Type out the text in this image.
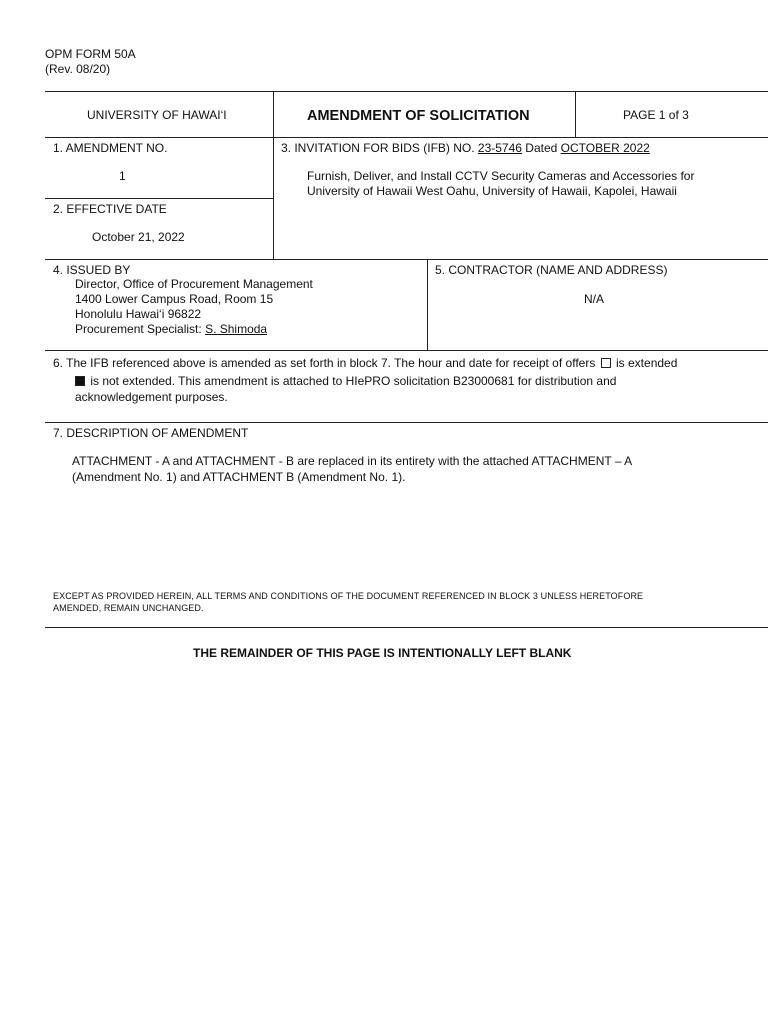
OPM FORM 50A
(Rev. 08/20)
UNIVERSITY OF HAWAI‘I	AMENDMENT OF SOLICITATION	PAGE 1 of 3
1. AMENDMENT NO.
1
2. EFFECTIVE DATE
October 21, 2022
3. INVITATION FOR BIDS (IFB) NO. 23-5746 Dated OCTOBER 2022
Furnish, Deliver, and Install CCTV Security Cameras and Accessories for
University of Hawaii West Oahu, University of Hawaii, Kapolei, Hawaii
4. ISSUED BY
Director, Office of Procurement Management
1400 Lower Campus Road, Room 15
Honolulu Hawai‘i 96822
Procurement Specialist: S. Shimoda
5. CONTRACTOR (NAME AND ADDRESS)
N/A
6. The IFB referenced above is amended as set forth in block 7. The hour and date for receipt of offers  is extended
is not extended. This amendment is attached to HIePRO solicitation B23000681 for distribution and
acknowledgement purposes.
7. DESCRIPTION OF AMENDMENT
ATTACHMENT - A and ATTACHMENT - B are replaced in its entirety with the attached ATTACHMENT – A
(Amendment No. 1) and ATTACHMENT B (Amendment No. 1).
EXCEPT AS PROVIDED HEREIN, ALL TERMS AND CONDITIONS OF THE DOCUMENT REFERENCED IN BLOCK 3 UNLESS HERETOFORE
AMENDED, REMAIN UNCHANGED.
THE REMAINDER OF THIS PAGE IS INTENTIONALLY LEFT BLANK
